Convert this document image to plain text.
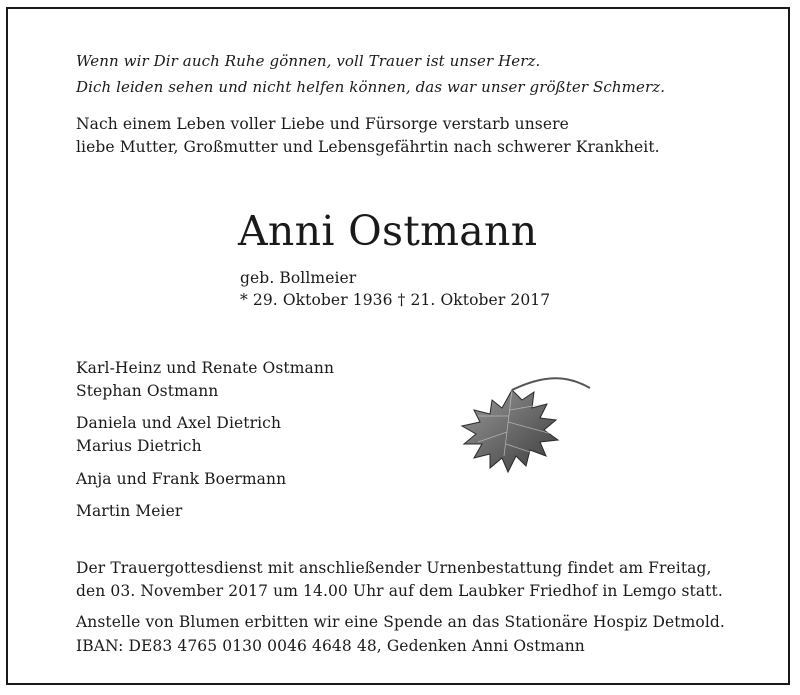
Wenn wir Dir auch Ruhe gönnen, voll Trauer ist unser Herz.
Dich leiden sehen und nicht helfen können, das war unser größter Schmerz.
Nach einem Leben voller Liebe und Fürsorge verstarb unsere
liebe Mutter, Großmutter und Lebensgefährtin nach schwerer Krankheit.
Anni Ostmann
geb. Bollmeier
* 29. Oktober 1936 † 21. Oktober 2017
Karl-Heinz und Renate Ostmann
Stephan Ostmann
Daniela und Axel Dietrich
Marius Dietrich
Anja und Frank Boermann
Martin Meier
Der Trauergottesdienst mit anschließender Urnenbestattung findet am Freitag,
den 03. November 2017 um 14.00 Uhr auf dem Laubker Friedhof in Lemgo statt.
Anstelle von Blumen erbitten wir eine Spende an das Stationäre Hospiz Detmold.
IBAN: DE83 4765 0130 0046 4648 48, Gedenken Anni Ostmann
